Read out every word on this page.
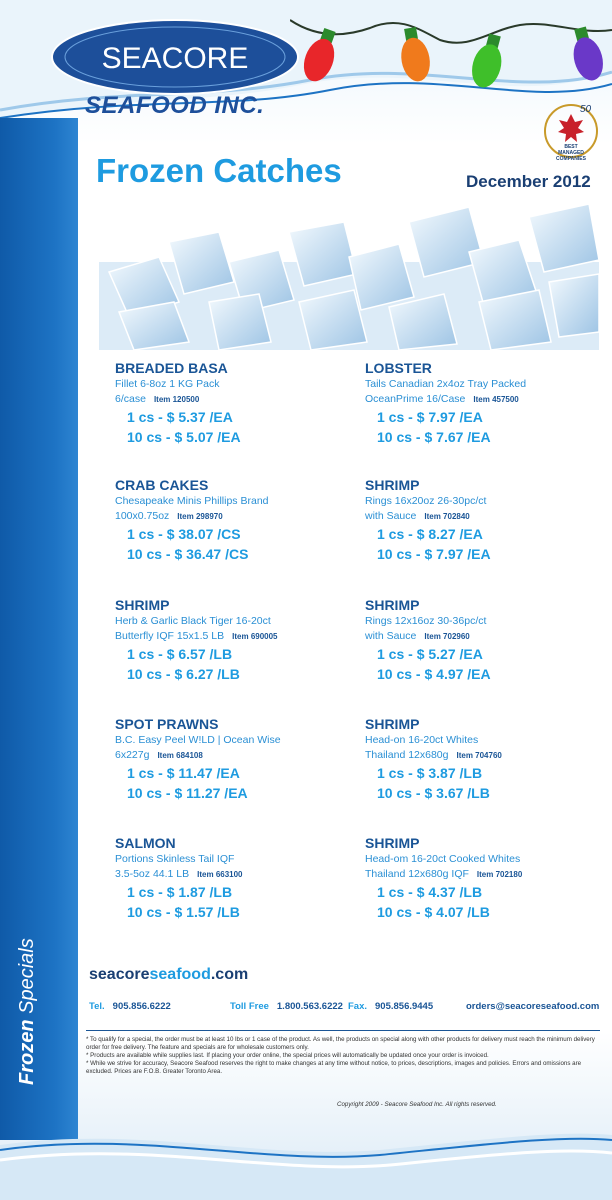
SEACORE
SEAFOOD INC.	50
BEST
MANAGED
COMPANIES
Frozen Specials
Frozen Catches	December 2012
BREADED BASA
Fillet 6-8oz 1 KG Pack
6/case Item 120500
1 cs - $ 5.37 /EA
10 cs - $ 5.07 /EA
LOBSTER
Tails Canadian 2x4oz Tray Packed
OceanPrime 16/Case Item 457500
1 cs - $ 7.97 /EA
10 cs - $ 7.67 /EA
CRAB CAKES
Chesapeake Minis Phillips Brand
100x0.75oz Item 298970
1 cs - $ 38.07 /CS
10 cs - $ 36.47 /CS
SHRIMP
Rings 16x20oz 26-30pc/ct
with Sauce Item 702840
1 cs - $ 8.27 /EA
10 cs - $ 7.97 /EA
SHRIMP
Herb & Garlic Black Tiger 16-20ct
Butterfly IQF 15x1.5 LB Item 690005
1 cs - $ 6.57 /LB
10 cs - $ 6.27 /LB
SHRIMP
Rings 12x16oz 30-36pc/ct
with Sauce Item 702960
1 cs - $ 5.27 /EA
10 cs - $ 4.97 /EA
SPOT PRAWNS
B.C. Easy Peel W!LD | Ocean Wise
6x227g Item 684108
1 cs - $ 11.47 /EA
10 cs - $ 11.27 /EA
SHRIMP
Head-on 16-20ct Whites
Thailand 12x680g Item 704760
1 cs - $ 3.87 /LB
10 cs - $ 3.67 /LB
SALMON
Portions Skinless Tail IQF
3.5-5oz 44.1 LB Item 663100
1 cs - $ 1.87 /LB
10 cs - $ 1.57 /LB
SHRIMP
Head-om 16-20ct Cooked Whites
Thailand 12x680g IQF Item 702180
1 cs - $ 4.37 /LB
10 cs - $ 4.07 /LB
seacoreseafood.com
Tel. 905.856.6222	Toll Free 1.800.563.6222 Fax. 905.856.9445	orders@seacoreseafood.com
* To qualify for a special, the order must be at least 10 lbs or 1 case of the product. As well, the products on special along with other products for delivery must reach the minimum delivery order for free delivery. The feature and specials are for wholesale customers only.
* Products are available while supplies last. If placing your order online, the special prices will automatically be updated once your order is invoiced.
* While we strive for accuracy, Seacore Seafood reserves the right to make changes at any time without notice, to prices, descriptions, images and policies. Errors and omissions are excluded. Prices are F.O.B. Greater Toronto Area.
Copyright 2009 - Seacore Seafood Inc. All rights reserved.
